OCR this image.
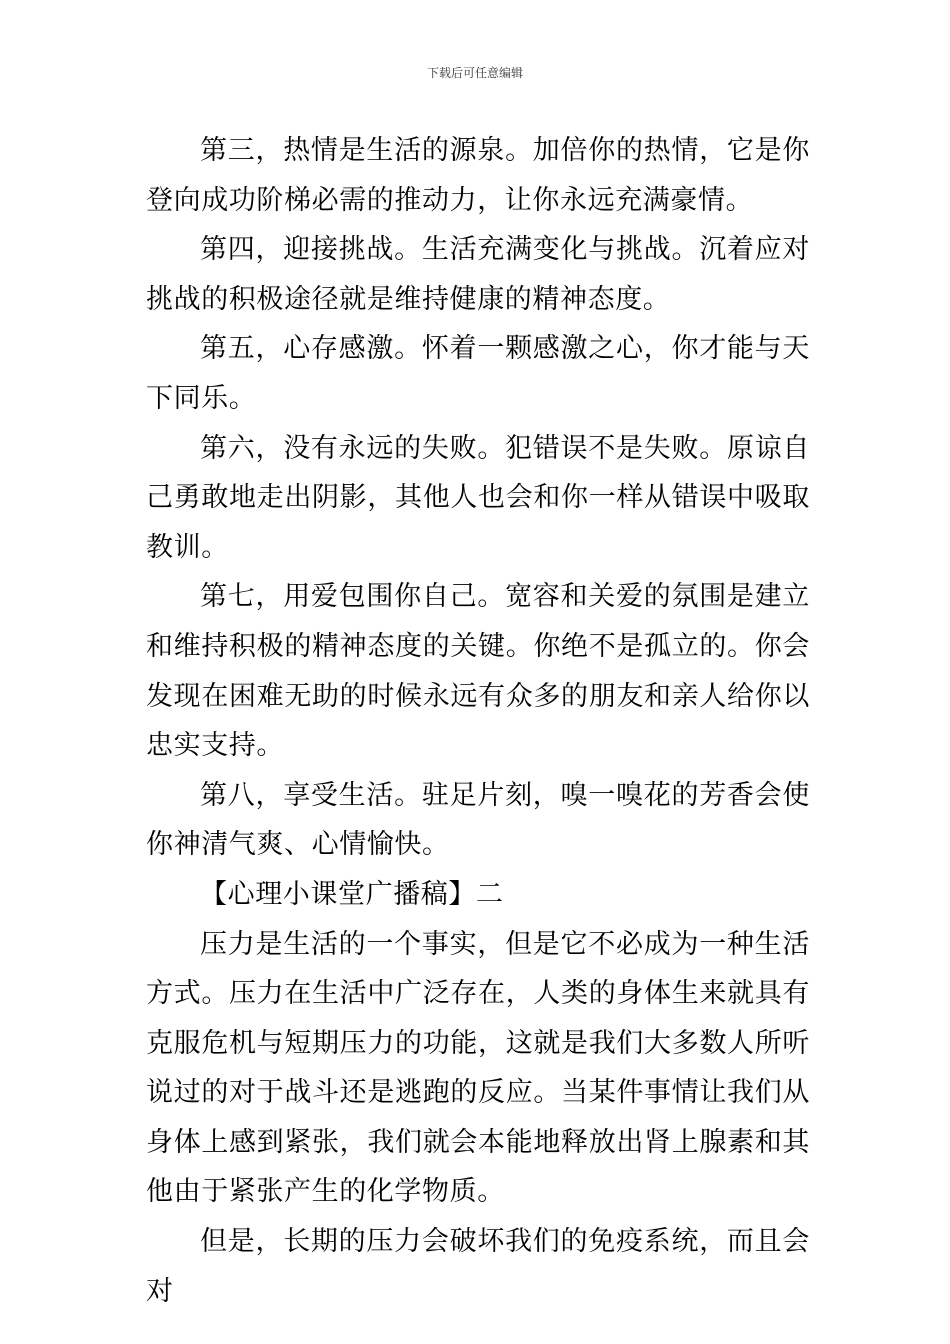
下载后可任意编辑

第三，热情是生活的源泉。加倍你的热情，它是你登向成功阶梯必需的推动力，让你永远充满豪情。

第四，迎接挑战。生活充满变化与挑战。沉着应对挑战的积极途径就是维持健康的精神态度。

第五，心存感激。怀着一颗感激之心，你才能与天下同乐。

第六，没有永远的失败。犯错误不是失败。原谅自己勇敢地走出阴影，其他人也会和你一样从错误中吸取教训。

第七，用爱包围你自己。宽容和关爱的氛围是建立和维持积极的精神态度的关键。你绝不是孤立的。你会发现在困难无助的时候永远有众多的朋友和亲人给你以忠实支持。

第八，享受生活。驻足片刻，嗅一嗅花的芳香会使你神清气爽、心情愉快。

【心理小课堂广播稿】二

压力是生活的一个事实，但是它不必成为一种生活方式。压力在生活中广泛存在，人类的身体生来就具有克服危机与短期压力的功能，这就是我们大多数人所听说过的对于战斗还是逃跑的反应。当某件事情让我们从身体上感到紧张，我们就会本能地释放出肾上腺素和其他由于紧张产生的化学物质。

但是，长期的压力会破坏我们的免疫系统，而且会对
